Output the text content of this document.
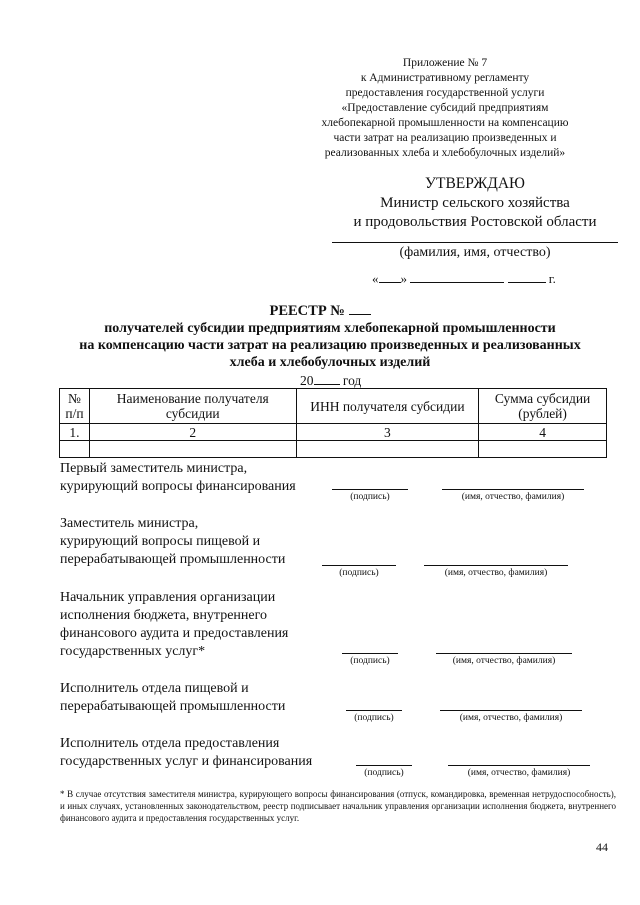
Приложение № 7
к Административному регламенту
предоставления государственной услуги
«Предоставление субсидий предприятиям
хлебопекарной промышленности на компенсацию
части затрат на реализацию произведенных и
реализованных хлеба и хлебобулочных изделий»
УТВЕРЖДАЮ
Министр сельского хозяйства
и продовольствия Ростовской области
(фамилия, имя, отчество)
« »	г.
РЕЕСТР №
получателей субсидии предприятиям хлебопекарной промышленности
на компенсацию части затрат на реализацию произведенных и реализованных
хлеба и хлебобулочных изделий
20 год
№ п/п	Наименование получателя субсидии	ИНН получателя субсидии	Сумма субсидии (рублей)
1.	2	3	4

Первый заместитель министра,
курирующий вопросы финансирования
(подпись)	(имя, отчество, фамилия)
Заместитель министра,
курирующий вопросы пищевой и
перерабатывающей промышленности
(подпись)	(имя, отчество, фамилия)
Начальник управления организации
исполнения бюджета, внутреннего
финансового аудита и предоставления
государственных услуг*
(подпись)	(имя, отчество, фамилия)
Исполнитель отдела пищевой и
перерабатывающей промышленности
(подпись)	(имя, отчество, фамилия)
Исполнитель отдела предоставления
государственных услуг и финансирования
(подпись)	(имя, отчество, фамилия)
* В случае отсутствия заместителя министра, курирующего вопросы финансирования (отпуск, командировка, временная нетрудоспособность), и иных случаях, установленных законодательством, реестр подписывает начальник управления организации исполнения бюджета, внутреннего финансового аудита и предоставления государственных услуг.
44
